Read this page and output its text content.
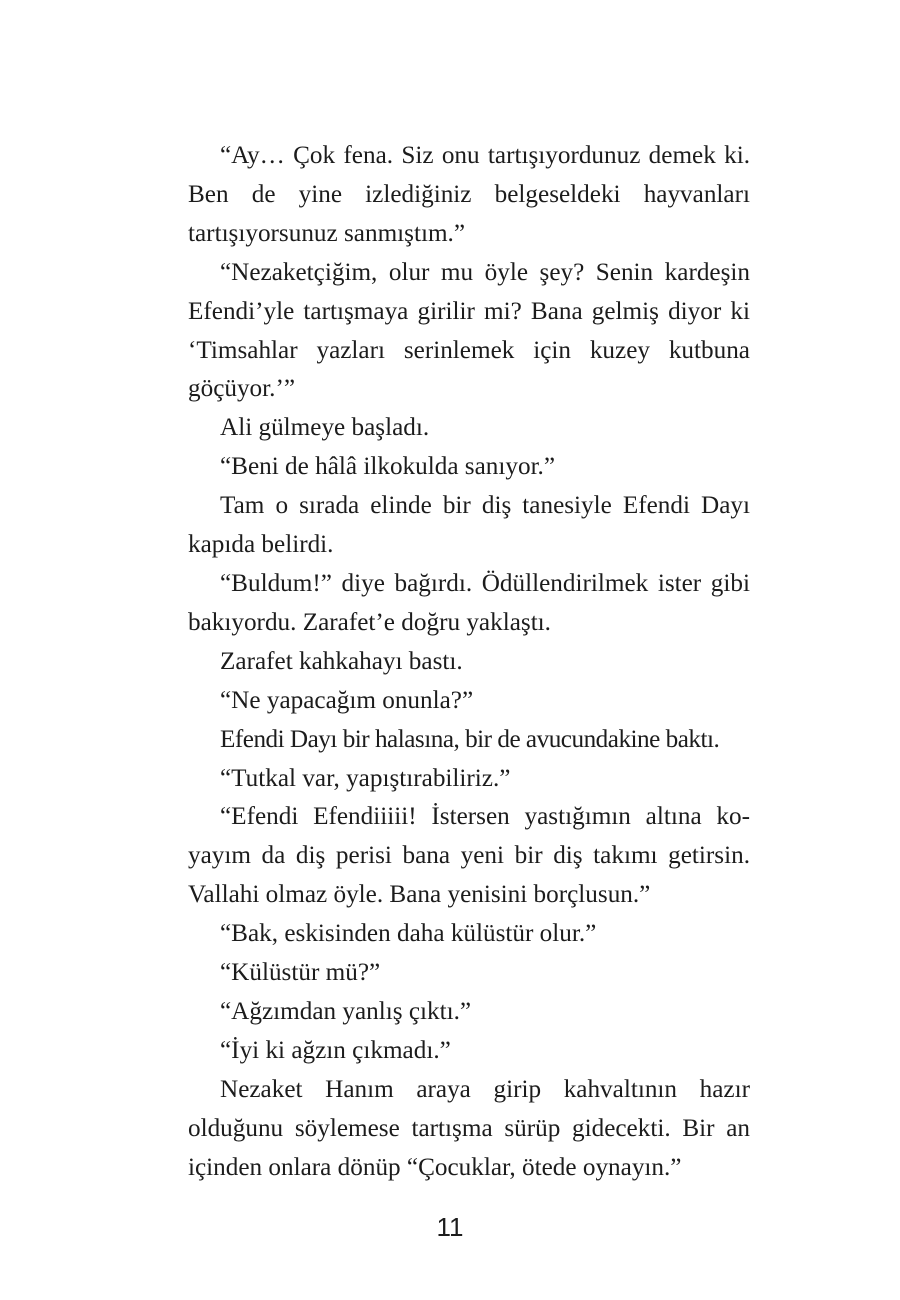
“Ay… Çok fena. Siz onu tartışıyordunuz demek ki. Ben de yine izlediğiniz belgeseldeki hayvanları tartışıyorsunuz sanmıştım.”

“Nezaketçiğim, olur mu öyle şey? Senin kardeşin Efendi’yle tartışmaya girilir mi? Bana gelmiş diyor ki ‘Timsahlar yazları serinlemek için kuzey kutbuna göçüyor.’”

Ali gülmeye başladı.

“Beni de hâlâ ilkokulda sanıyor.”

Tam o sırada elinde bir diş tanesiyle Efendi Dayı kapıda belirdi.

“Buldum!” diye bağırdı. Ödüllendirilmek ister gibi bakıyordu. Zarafet’e doğru yaklaştı.

Zarafet kahkahayı bastı.

“Ne yapacağım onunla?”

Efendi Dayı bir halasına, bir de avucundakine baktı.

“Tutkal var, yapıştırabiliriz.”

“Efendi Efendiiiii! İstersen yastığımın altına koyayım da diş perisi bana yeni bir diş takımı getirsin. Vallahi olmaz öyle. Bana yenisini borçlusun.”

“Bak, eskisinden daha külüstür olur.”

“Külüstür mü?”

“Ağzımdan yanlış çıktı.”

“İyi ki ağzın çıkmadı.”

Nezaket Hanım araya girip kahvaltının hazır olduğunu söylemese tartışma sürüp gidecekti. Bir an içinden onlara dönüp “Çocuklar, ötede oynayın.”

11
